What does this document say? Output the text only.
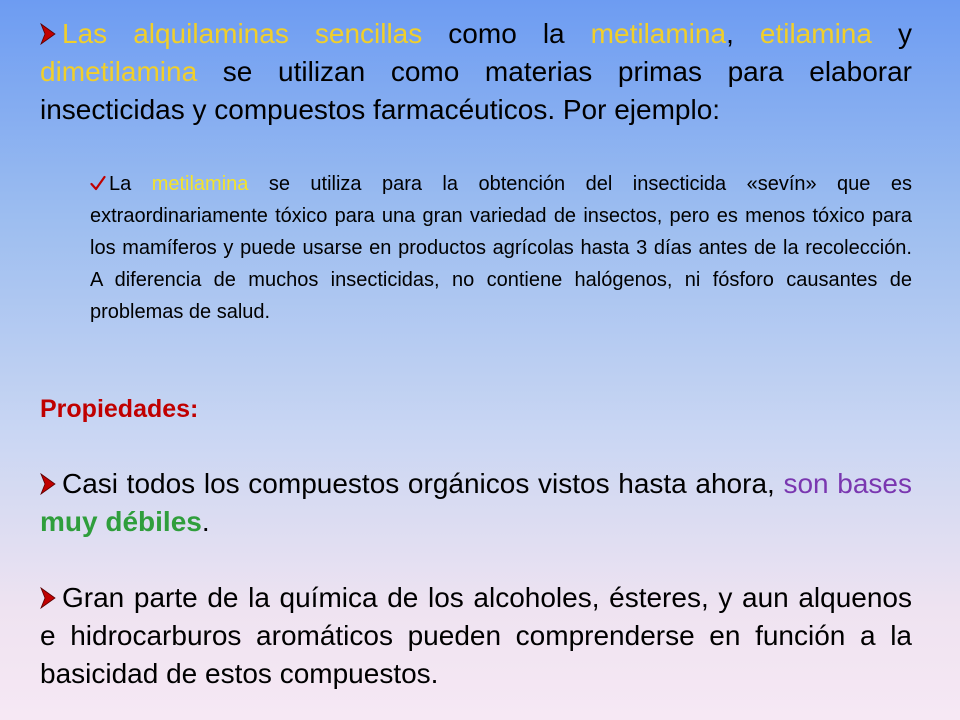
Las alquilaminas sencillas como la metilamina, etilamina y dimetilamina se utilizan como materias primas para elaborar insecticidas y compuestos farmacéuticos. Por ejemplo:

La metilamina se utiliza para la obtención del insecticida «sevín» que es extraordinariamente tóxico para una gran variedad de insectos, pero es menos tóxico para los mamíferos y puede usarse en productos agrícolas hasta 3 días antes de la recolección. A diferencia de muchos insecticidas, no contiene halógenos, ni fósforo causantes de problemas de salud.

Propiedades:

Casi todos los compuestos orgánicos vistos hasta ahora, son bases muy débiles.

Gran parte de la química de los alcoholes, ésteres, y aun alquenos e hidrocarburos aromáticos pueden comprenderse en función a la basicidad de estos compuestos.
